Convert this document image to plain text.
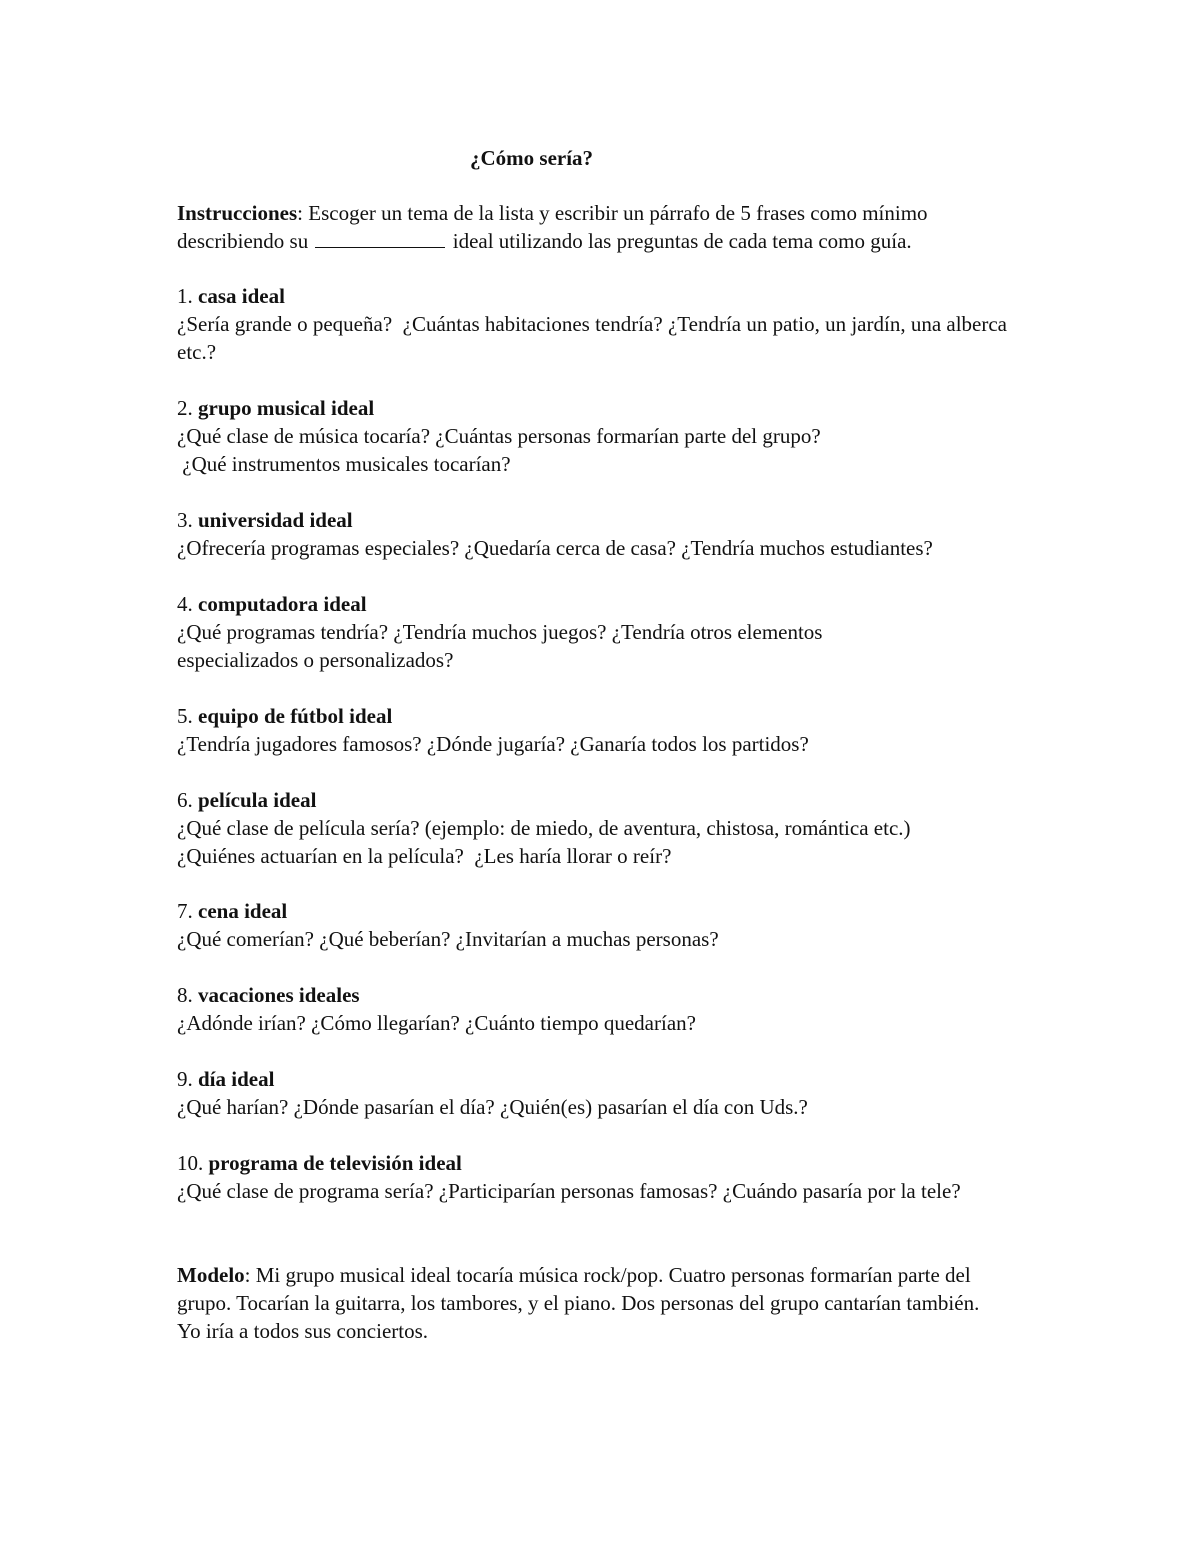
¿Cómo sería?
Instrucciones: Escoger un tema de la lista y escribir un párrafo de 5 frases como mínimo describiendo su	ideal utilizando las preguntas de cada tema como guía.
1. casa ideal
¿Sería grande o pequeña?  ¿Cuántas habitaciones tendría? ¿Tendría un patio, un jardín, una alberca etc.?
2. grupo musical ideal
¿Qué clase de música tocaría? ¿Cuántas personas formarían parte del grupo?
¿Qué instrumentos musicales tocarían?
3. universidad ideal
¿Ofrecería programas especiales? ¿Quedaría cerca de casa? ¿Tendría muchos estudiantes?
4. computadora ideal
¿Qué programas tendría? ¿Tendría muchos juegos? ¿Tendría otros elementos
especializados o personalizados?
5. equipo de fútbol ideal
¿Tendría jugadores famosos? ¿Dónde jugaría? ¿Ganaría todos los partidos?
6. película ideal
¿Qué clase de película sería? (ejemplo: de miedo, de aventura, chistosa, romántica etc.)
¿Quiénes actuarían en la película?  ¿Les haría llorar o reír?
7. cena ideal
¿Qué comerían? ¿Qué beberían? ¿Invitarían a muchas personas?
8. vacaciones ideales
¿Adónde irían? ¿Cómo llegarían? ¿Cuánto tiempo quedarían?
9. día ideal
¿Qué harían? ¿Dónde pasarían el día? ¿Quién(es) pasarían el día con Uds.?
10. programa de televisión ideal
¿Qué clase de programa sería? ¿Participarían personas famosas? ¿Cuándo pasaría por la tele?
Modelo: Mi grupo musical ideal tocaría música rock/pop. Cuatro personas formarían parte del grupo. Tocarían la guitarra, los tambores, y el piano. Dos personas del grupo cantarían también. Yo iría a todos sus conciertos.
